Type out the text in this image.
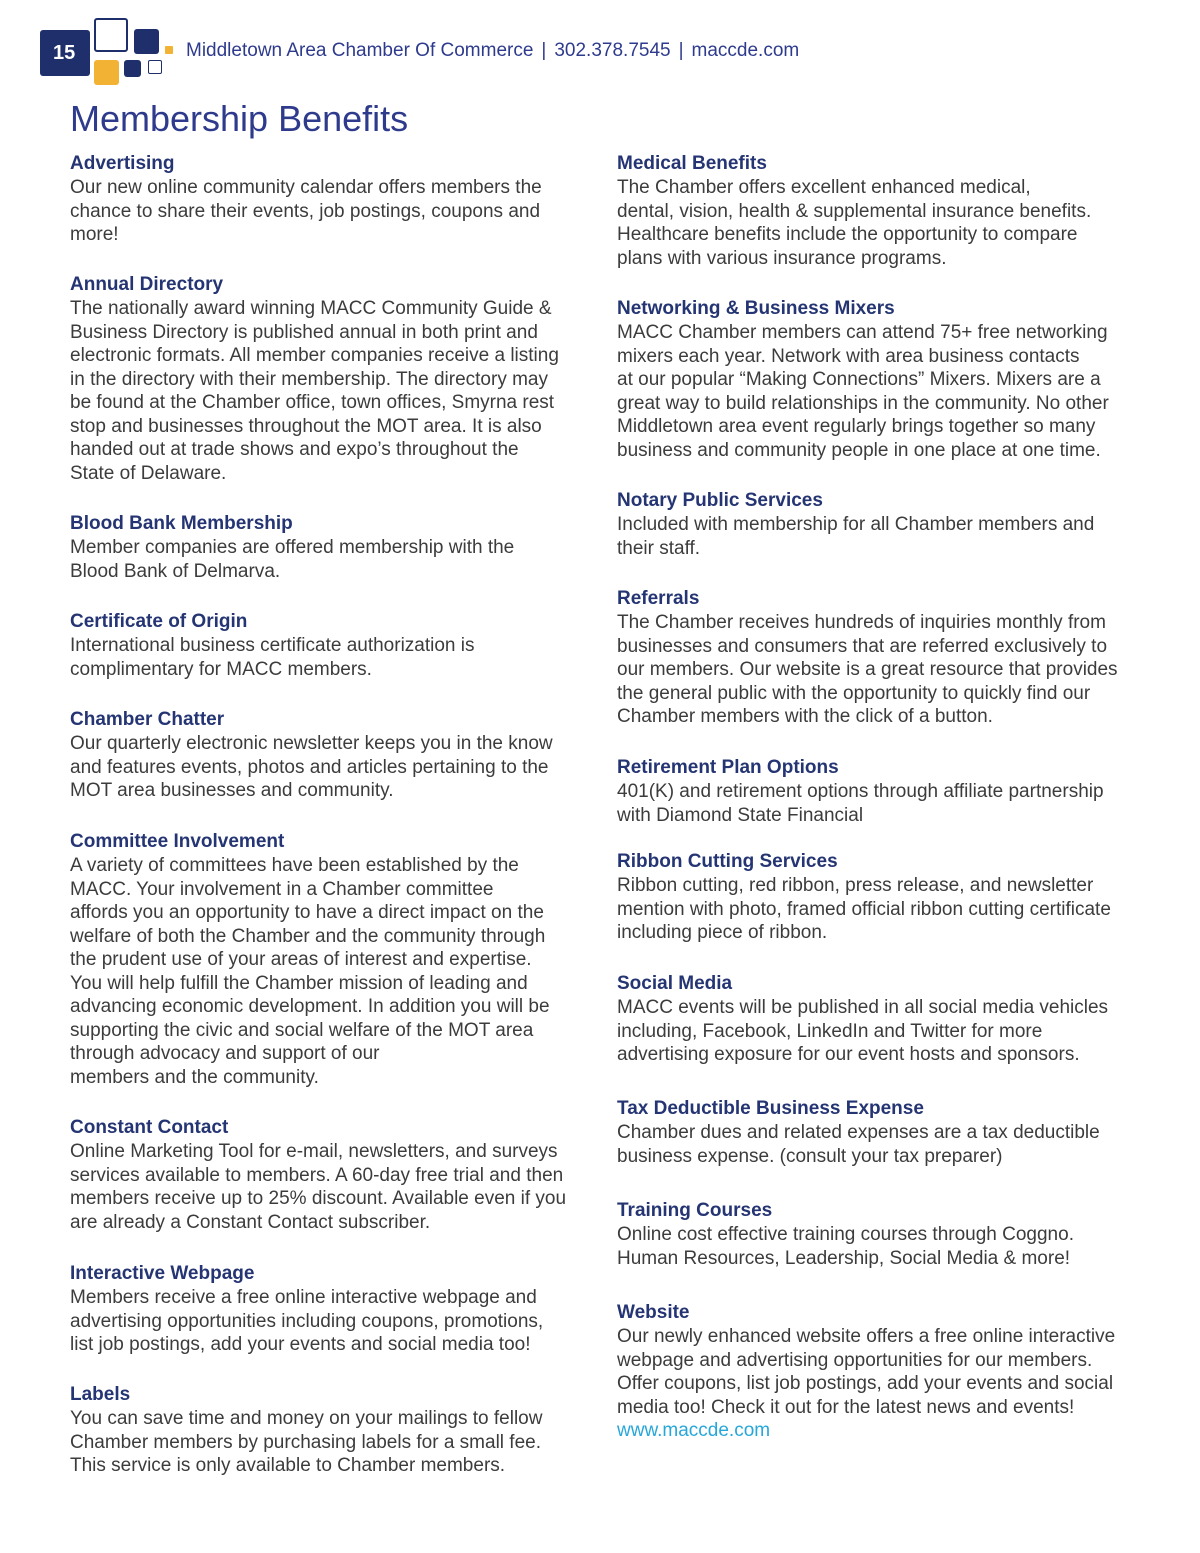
15	Middletown Area Chamber Of Commerce | 302.378.7545 | maccde.com
Membership Benefits
Advertising
Our new online community calendar offers members the
chance to share their events, job postings, coupons and
more!
Annual Directory
The nationally award winning MACC Community Guide &
Business Directory is published annual in both print and
electronic formats. All member companies receive a listing
in the directory with their membership. The directory may
be found at the Chamber office, town offices, Smyrna rest
stop and businesses throughout the MOT area. It is also
handed out at trade shows and expo’s throughout the
State of Delaware.
Blood Bank Membership
Member companies are offered membership with the
Blood Bank of Delmarva.
Certificate of Origin
International business certificate authorization is
complimentary for MACC members.
Chamber Chatter
Our quarterly electronic newsletter keeps you in the know
and features events, photos and articles pertaining to the
MOT area businesses and community.
Committee Involvement
A variety of committees have been established by the
MACC. Your involvement in a Chamber committee
affords you an opportunity to have a direct impact on the
welfare of both the Chamber and the community through
the prudent use of your areas of interest and expertise.
You will help fulfill the Chamber mission of leading and
advancing economic development. In addition you will be
supporting the civic and social welfare of the MOT area
through advocacy and support of our
members and the community.
Constant Contact
Online Marketing Tool for e-mail, newsletters, and surveys
services available to members. A 60-day free trial and then
members receive up to 25% discount. Available even if you
are already a Constant Contact subscriber.
Interactive Webpage
Members receive a free online interactive webpage and
advertising opportunities including coupons, promotions,
list job postings, add your events and social media too!
Labels
You can save time and money on your mailings to fellow
Chamber members by purchasing labels for a small fee.
This service is only available to Chamber members.
Medical Benefits
The Chamber offers excellent enhanced medical,
dental, vision, health & supplemental insurance benefits.
Healthcare benefits include the opportunity to compare
plans with various insurance programs.
Networking & Business Mixers
MACC Chamber members can attend 75+ free networking
mixers each year. Network with area business contacts
at our popular “Making Connections” Mixers. Mixers are a
great way to build relationships in the community. No other
Middletown area event regularly brings together so many
business and community people in one place at one time.
Notary Public Services
Included with membership for all Chamber members and
their staff.
Referrals
The Chamber receives hundreds of inquiries monthly from
businesses and consumers that are referred exclusively to
our members. Our website is a great resource that provides
the general public with the opportunity to quickly find our
Chamber members with the click of a button.
Retirement Plan Options
401(K) and retirement options through affiliate partnership
with Diamond State Financial
Ribbon Cutting Services
Ribbon cutting, red ribbon, press release, and newsletter
mention with photo, framed official ribbon cutting certificate
including piece of ribbon.
Social Media
MACC events will be published in all social media vehicles
including, Facebook, LinkedIn and Twitter for more
advertising exposure for our event hosts and sponsors.
Tax Deductible Business Expense
Chamber dues and related expenses are a tax deductible
business expense. (consult your tax preparer)
Training Courses
Online cost effective training courses through Coggno.
Human Resources, Leadership, Social Media & more!
Website
Our newly enhanced website offers a free online interactive
webpage and advertising opportunities for our members.
Offer coupons, list job postings, add your events and social
media too! Check it out for the latest news and events!
www.maccde.com
